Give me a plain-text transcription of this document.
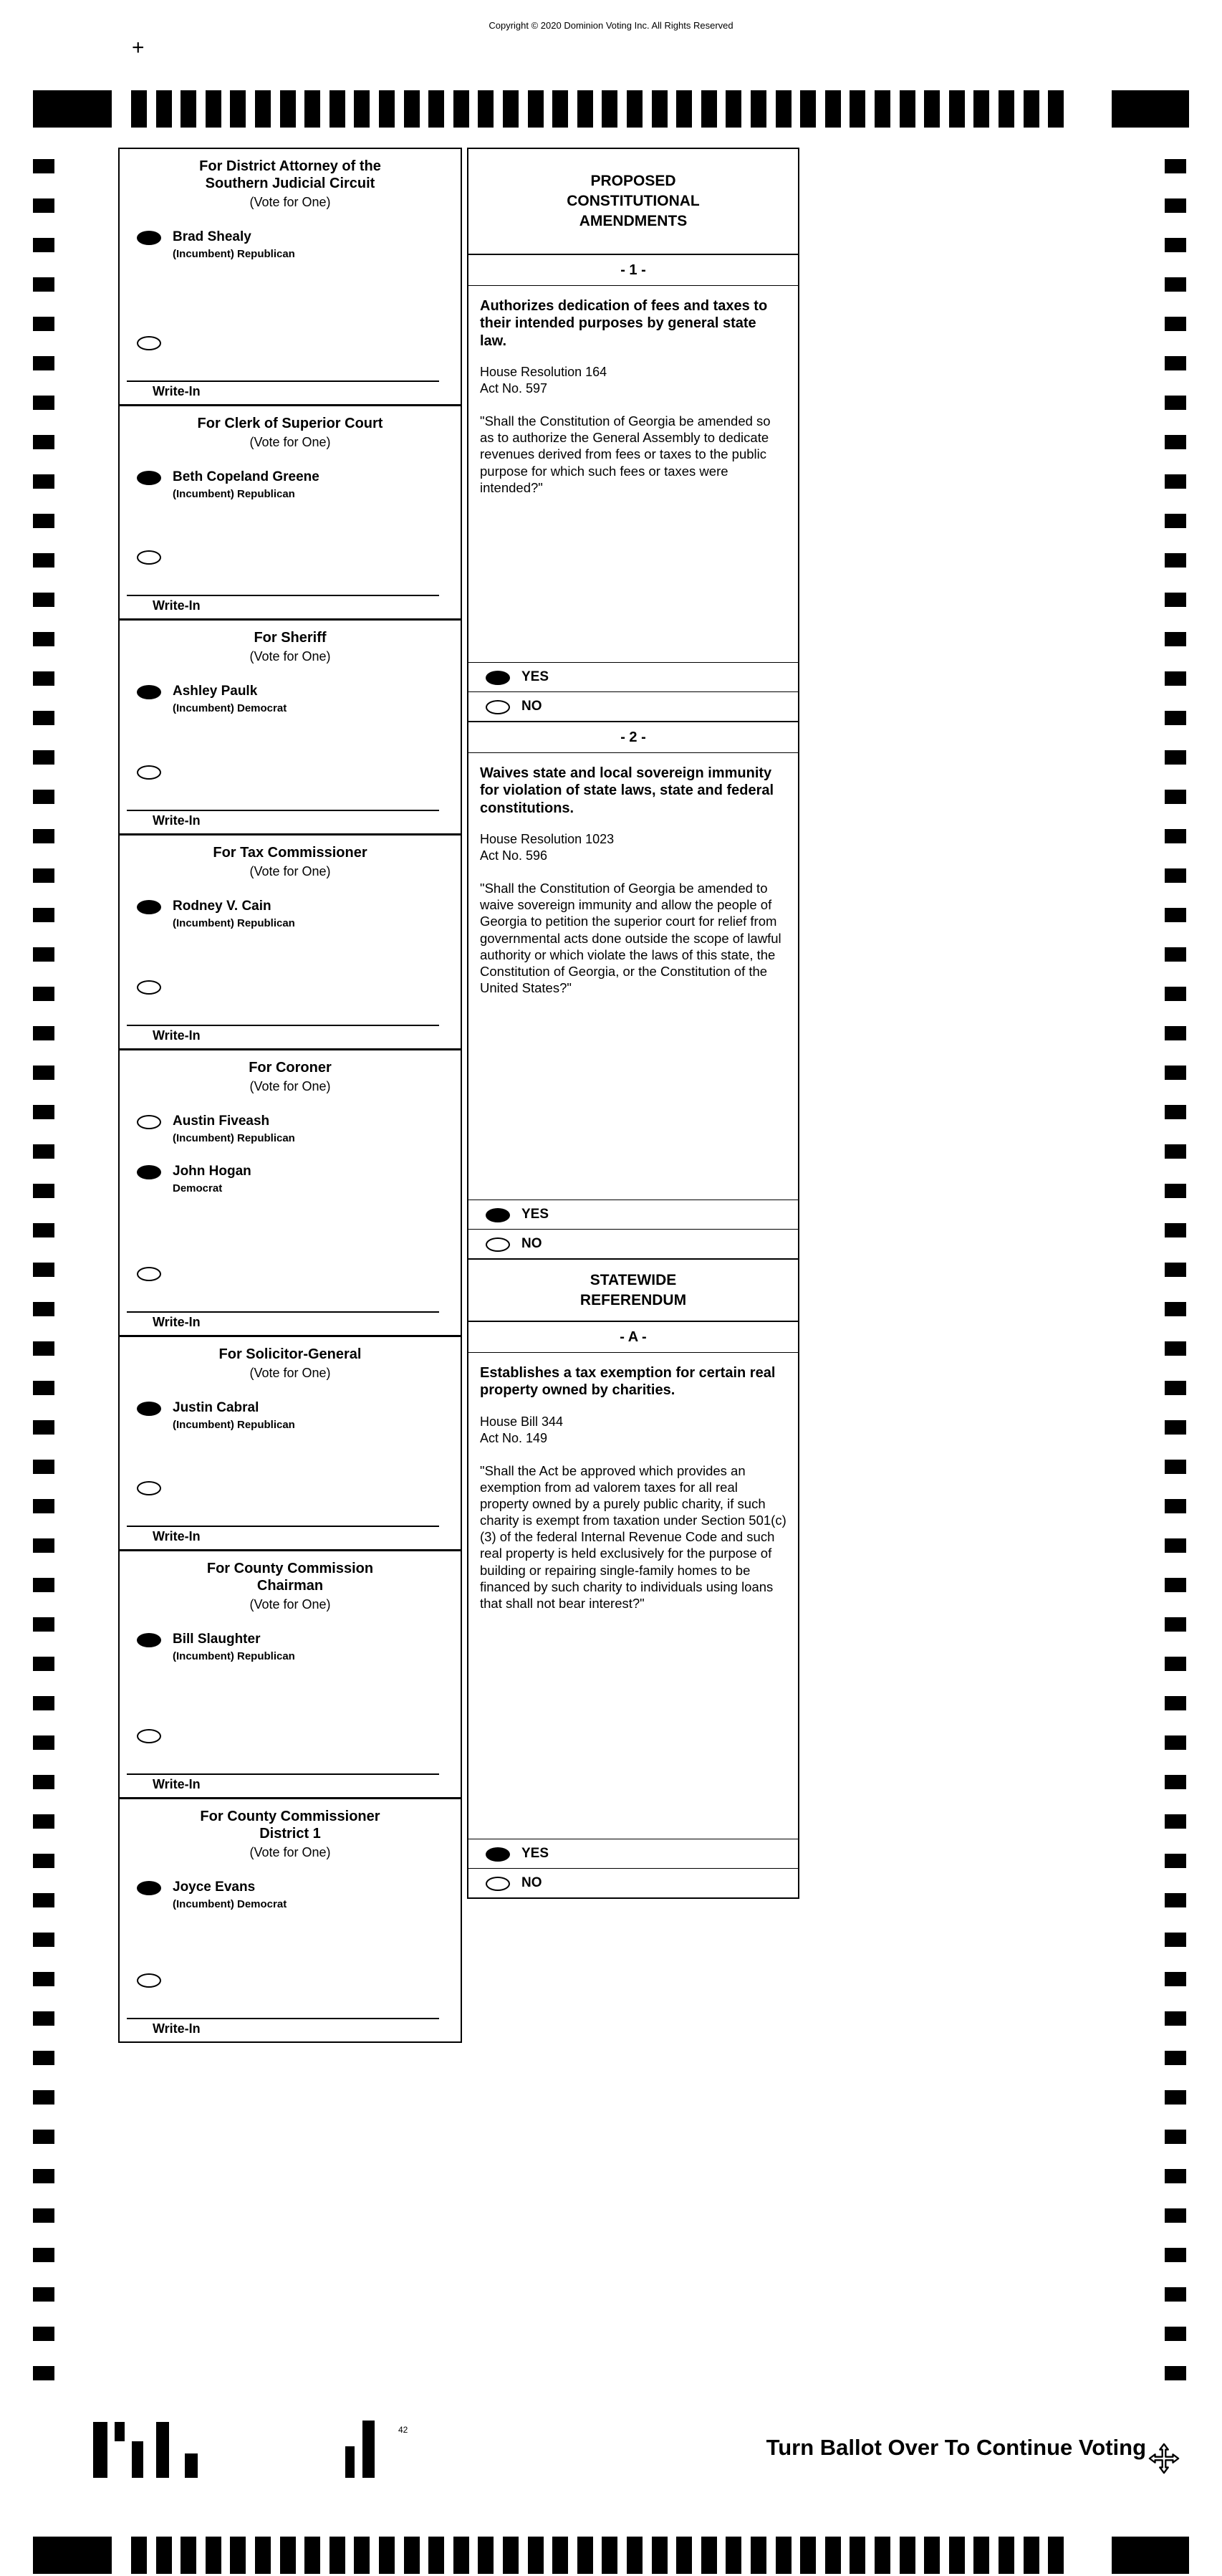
Copyright © 2020 Dominion Voting Inc. All Rights Reserved
+
For District Attorney of the
Southern Judicial Circuit
(Vote for One)
Brad Shealy
(Incumbent) Republican
Write-In
For Clerk of Superior Court
(Vote for One)
Beth Copeland Greene
(Incumbent) Republican
Write-In
For Sheriff
(Vote for One)
Ashley Paulk
(Incumbent) Democrat
Write-In
For Tax Commissioner
(Vote for One)
Rodney V. Cain
(Incumbent) Republican
Write-In
For Coroner
(Vote for One)
Austin Fiveash
(Incumbent) Republican
John Hogan
Democrat
Write-In
For Solicitor-General
(Vote for One)
Justin Cabral
(Incumbent) Republican
Write-In
For County Commission
Chairman
(Vote for One)
Bill Slaughter
(Incumbent) Republican
Write-In
For County Commissioner
District 1
(Vote for One)
Joyce Evans
(Incumbent) Democrat
Write-In
PROPOSED
CONSTITUTIONAL
AMENDMENTS
- 1 -
Authorizes dedication of fees and taxes to their intended purposes by general state law.
House Resolution 164
Act No. 597
"Shall the Constitution of Georgia be amended so as to authorize the General Assembly to dedicate revenues derived from fees or taxes to the public purpose for which such fees or taxes were intended?"
YES
NO
- 2 -
Waives state and local sovereign immunity for violation of state laws, state and federal constitutions.
House Resolution 1023
Act No. 596
"Shall the Constitution of Georgia be amended to waive sovereign immunity and allow the people of Georgia to petition the superior court for relief from governmental acts done outside the scope of lawful authority or which violate the laws of this state, the Constitution of Georgia, or the Constitution of the United States?"
YES
NO
STATEWIDE
REFERENDUM
- A -
Establishes a tax exemption for certain real property owned by charities.
House Bill 344
Act No. 149
"Shall the Act be approved which provides an exemption from ad valorem taxes for all real property owned by a purely public charity, if such charity is exempt from taxation under Section 501(c)(3) of the federal Internal Revenue Code and such real property is held exclusively for the purpose of building or repairing single-family homes to be financed by such charity to individuals using loans that shall not bear interest?"
YES
NO
42
Turn Ballot Over To Continue Voting
